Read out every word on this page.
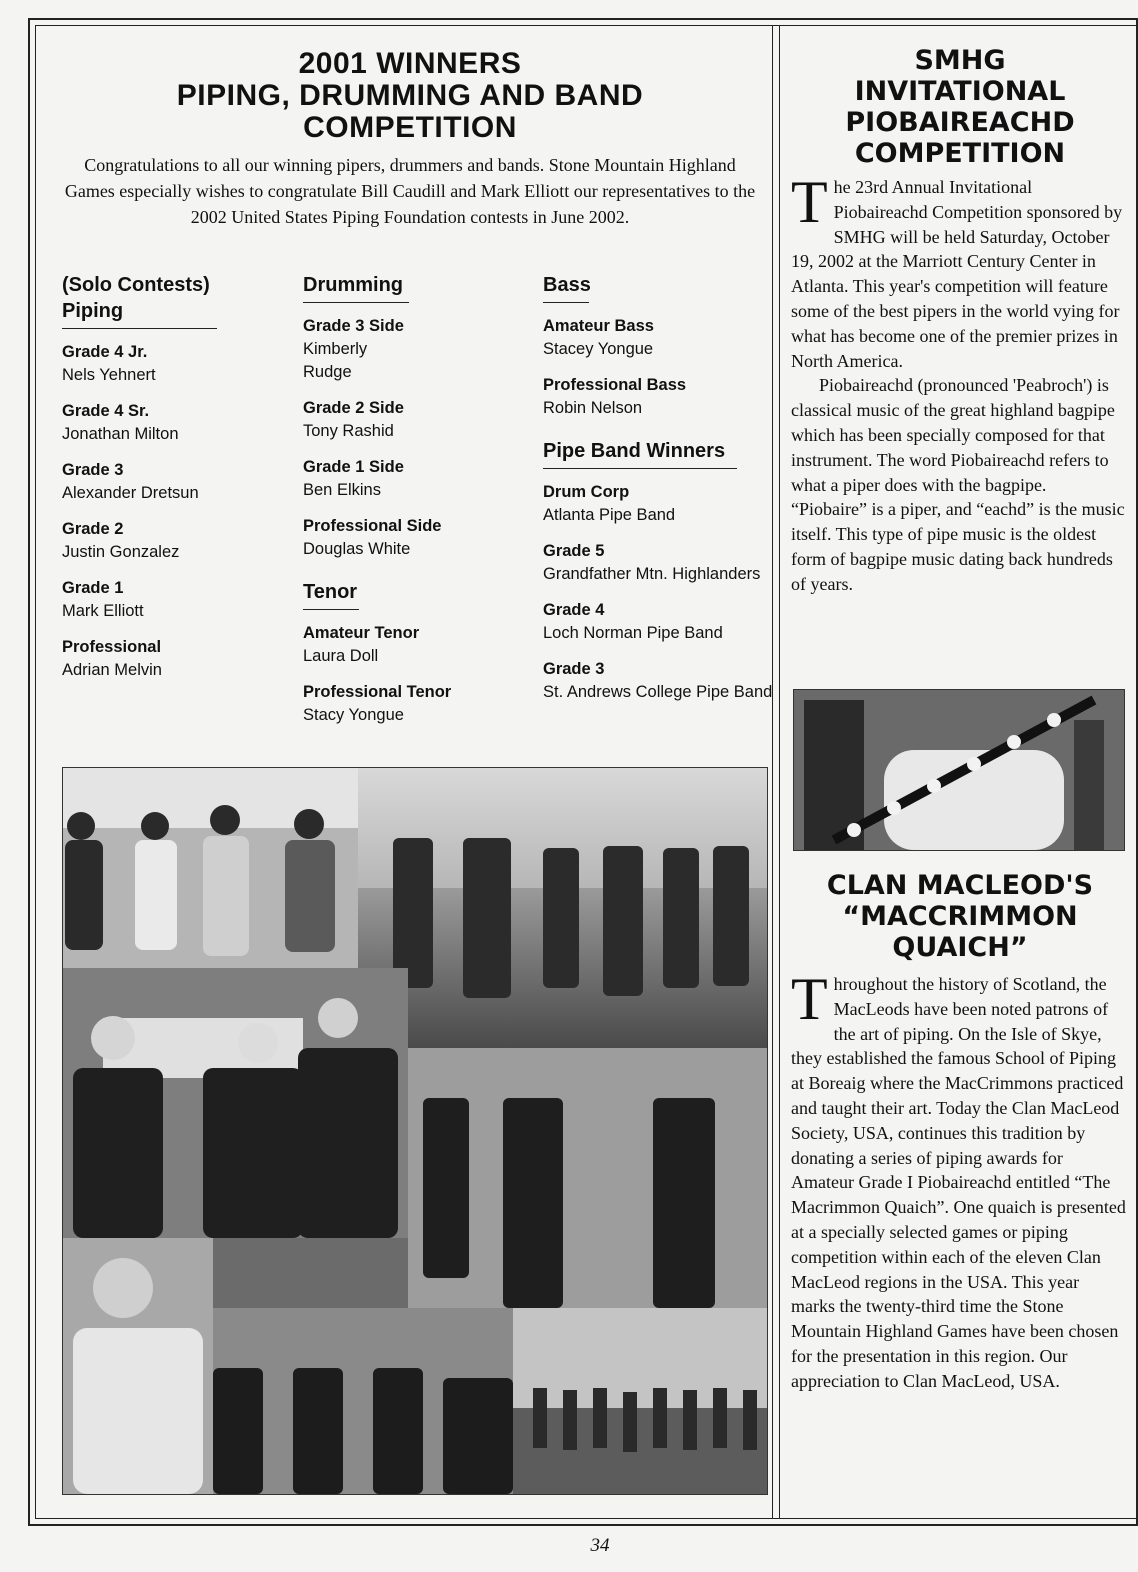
2001 WINNERS
PIPING, DRUMMING AND BAND
COMPETITION

Congratulations to all our winning pipers, drummers and bands. Stone Mountain Highland Games especially wishes to congratulate Bill Caudill and Mark Elliott our representatives to the 2002 United States Piping Foundation contests in June 2002.

(Solo Contests)
Piping
Grade 4 Jr.
Nels Yehnert
Grade 4 Sr.
Jonathan Milton
Grade 3
Alexander Dretsun
Grade 2
Justin Gonzalez
Grade 1
Mark Elliott
Professional
Adrian Melvin
Drumming
Grade 3 Side
Kimberly Rudge
Grade 2 Side
Tony Rashid
Grade 1 Side
Ben Elkins
Professional Side
Douglas White
Tenor
Amateur Tenor
Laura Doll
Professional Tenor
Stacy Yongue
Bass
Amateur Bass
Stacey Yongue
Professional Bass
Robin Nelson
Pipe Band Winners
Drum Corp
Atlanta Pipe Band
Grade 5
Grandfather Mtn. Highlanders
Grade 4
Loch Norman Pipe Band
Grade 3
St. Andrews College Pipe Band
SMHG
INVITATIONAL
PIOBAIREACHD
COMPETITION

The 23rd Annual Invitational Piobaireachd Competition sponsored by SMHG will be held Saturday, October 19, 2002 at the Marriott Century Center in Atlanta. This year's competition will feature some of the best pipers in the world vying for what has become one of the premier prizes in North America.

Piobaireachd (pronounced 'Peabroch') is classical music of the great highland bagpipe which has been specially composed for that instrument. The word Piobaireachd refers to what a piper does with the bagpipe. “Piobaire” is a piper, and “eachd” is the music itself. This type of pipe music is the oldest form of bagpipe music dating back hundreds of years.

CLAN MACLEOD'S
“MACCRIMMON
QUAICH”

Throughout the history of Scotland, the MacLeods have been noted patrons of the art of piping. On the Isle of Skye, they established the famous School of Piping at Boreaig where the MacCrimmons practiced and taught their art. Today the Clan MacLeod Society, USA, continues this tradition by donating a series of piping awards for Amateur Grade I Piobaireachd entitled “The Macrimmon Quaich”. One quaich is presented at a specially selected games or piping competition within each of the eleven Clan MacLeod regions in the USA. This year marks the twenty-third time the Stone Mountain Highland Games have been chosen for the presentation in this region. Our appreciation to Clan MacLeod, USA.

34
